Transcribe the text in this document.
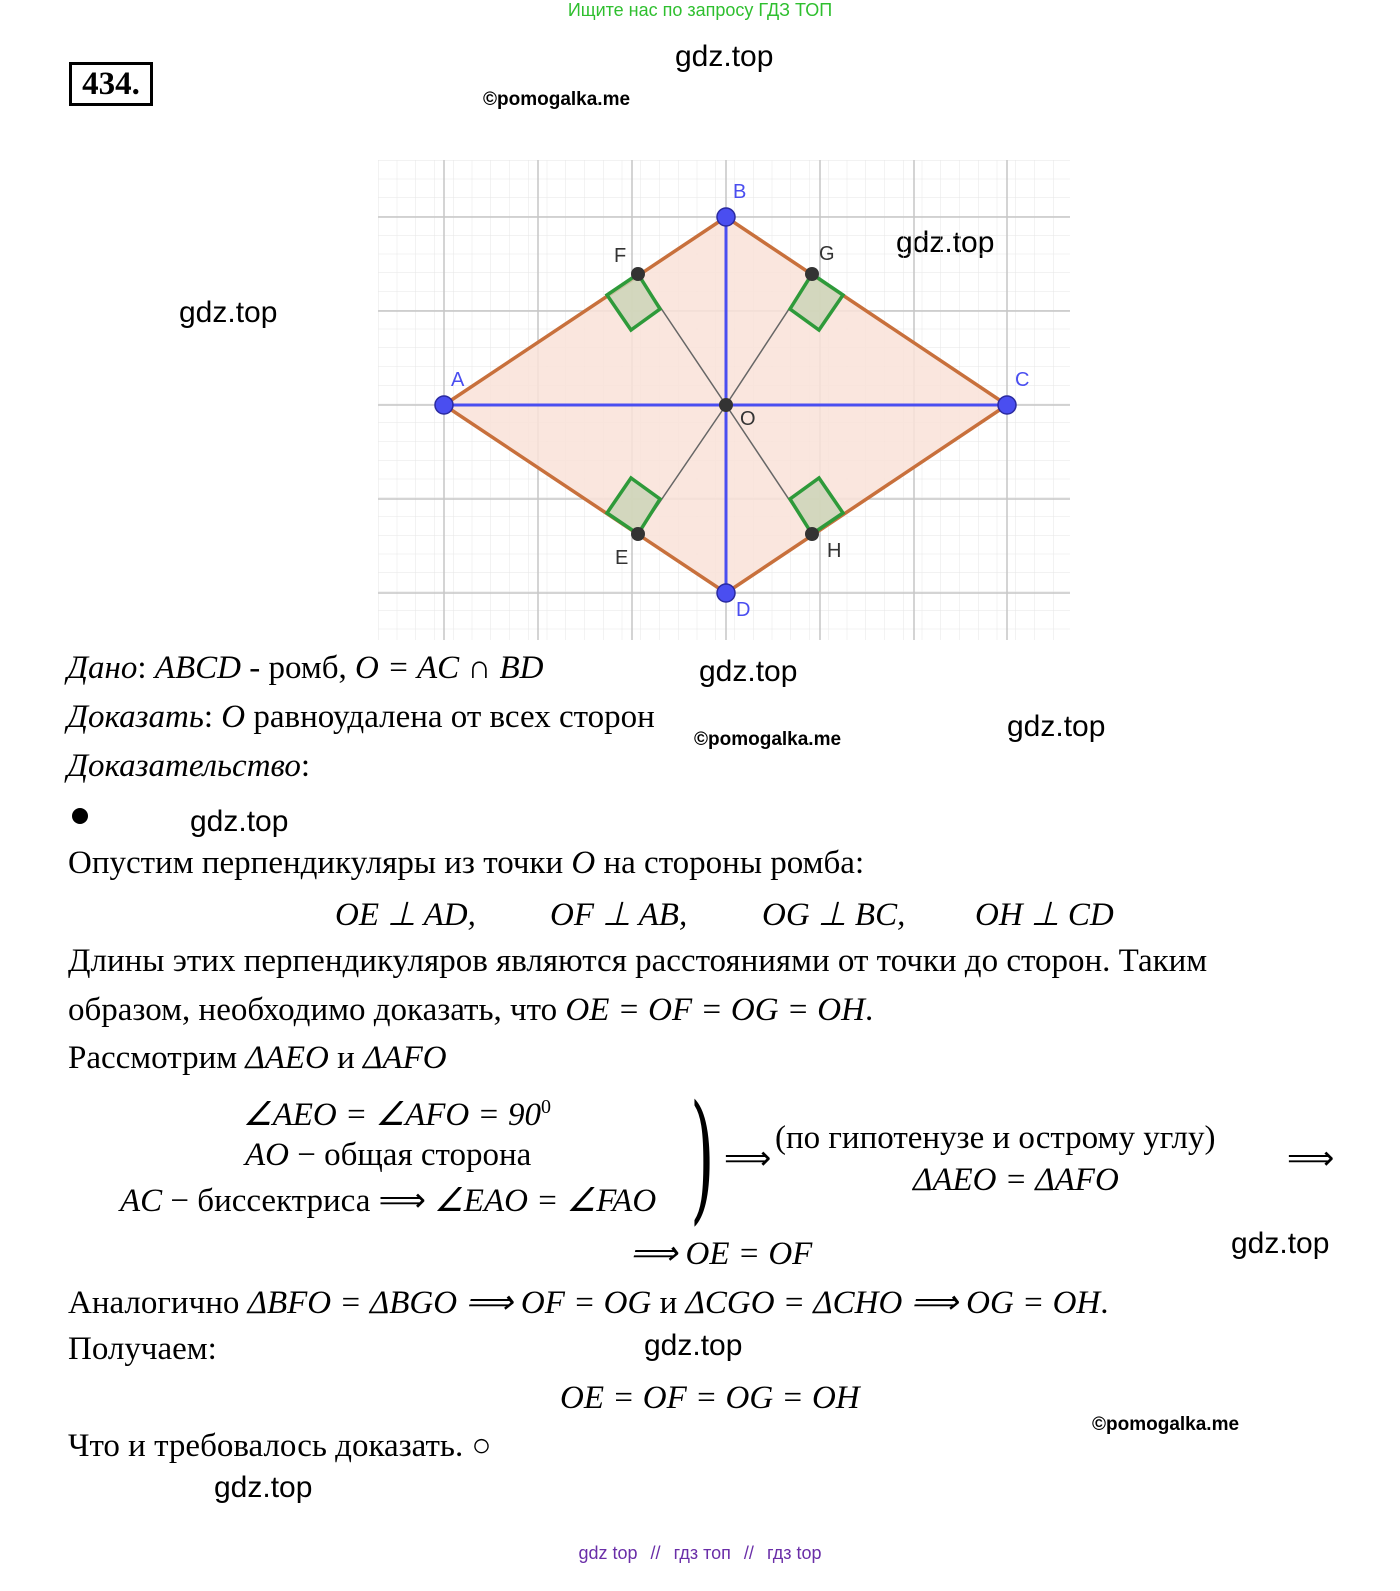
Ищите нас по запросу ГДЗ ТОП
434.
gdz.top
©pomogalka.me
gdz.top
A
B
C
D
O
F	G
E	H
Дано: ABCD - ромб, O = AC ∩ BD	gdz.top
Доказать: O равноудалена от всех сторон
©pomogalka.me	gdz.top
Доказательство:
gdz.top
Опустим перпендикуляры из точки O на стороны ромба:
OE ⊥ AD, OF ⊥ AB, OG ⊥ BC, OH ⊥ CD
Длины этих перпендикуляров являются расстояниями от точки до сторон. Таким
образом, необходимо доказать, что OE = OF = OG = OH.
Рассмотрим ΔAEO и ΔAFO
∠AEO = ∠AFO = $90^0$
AO − общая сторона
AC − биссектриса ⟹ ∠EAO = ∠FAO ) ⟹
(по гипотенузе и острому углу)
ΔAEO = ΔAFO
⟹
⟹ OE = OF	gdz.top
Аналогично ΔBFO = ΔBGO ⟹ OF = OG и ΔCGO = ΔCHO ⟹ OG = OH.
Получаем:	gdz.top
OE = OF = OG = OH
©pomogalka.me
Что и требовалось доказать. ○
gdz.top
gdz top // гдз топ // гдз top
